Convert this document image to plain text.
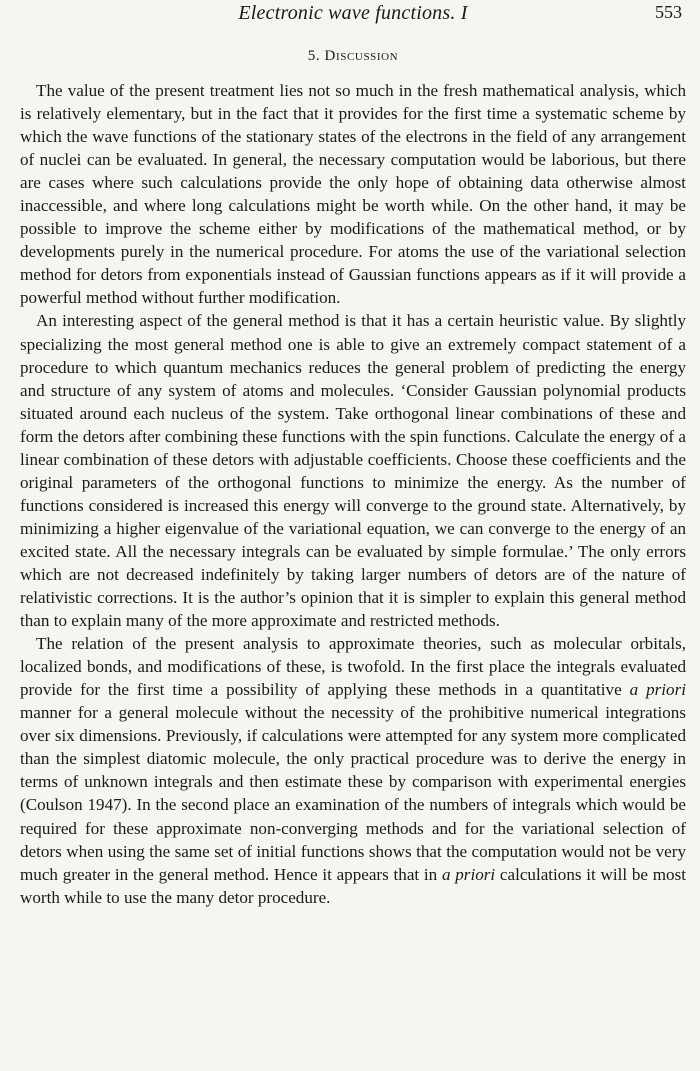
Electronic wave functions. I	553
5. Discussion

The value of the present treatment lies not so much in the fresh mathematical analysis, which is relatively elementary, but in the fact that it provides for the first time a systematic scheme by which the wave functions of the stationary states of the electrons in the field of any arrangement of nuclei can be evaluated. In general, the necessary computation would be laborious, but there are cases where such calculations provide the only hope of obtaining data otherwise almost inaccessible, and where long calculations might be worth while. On the other hand, it may be possible to improve the scheme either by modifications of the mathematical method, or by developments purely in the numerical procedure. For atoms the use of the variational selection method for detors from exponentials instead of Gaussian functions appears as if it will provide a powerful method without further modification.

An interesting aspect of the general method is that it has a certain heuristic value. By slightly specializing the most general method one is able to give an extremely compact statement of a procedure to which quantum mechanics reduces the general problem of predicting the energy and structure of any system of atoms and molecules. ‘Consider Gaussian polynomial products situated around each nucleus of the system. Take orthogonal linear combinations of these and form the detors after combining these functions with the spin functions. Calculate the energy of a linear combination of these detors with adjustable coefficients. Choose these coefficients and the original parameters of the orthogonal functions to minimize the energy. As the number of functions considered is increased this energy will converge to the ground state. Alternatively, by minimizing a higher eigenvalue of the variational equation, we can converge to the energy of an excited state. All the necessary integrals can be evaluated by simple formulae.’ The only errors which are not decreased indefinitely by taking larger numbers of detors are of the nature of relativistic corrections. It is the author’s opinion that it is simpler to explain this general method than to explain many of the more approximate and restricted methods.

The relation of the present analysis to approximate theories, such as molecular orbitals, localized bonds, and modifications of these, is twofold. In the first place the integrals evaluated provide for the first time a possibility of applying these methods in a quantitative a priori manner for a general molecule without the necessity of the prohibitive numerical integrations over six dimensions. Previously, if calculations were attempted for any system more complicated than the simplest diatomic molecule, the only practical procedure was to derive the energy in terms of unknown integrals and then estimate these by comparison with experimental energies (Coulson 1947). In the second place an examination of the numbers of integrals which would be required for these approximate non-converging methods and for the variational selection of detors when using the same set of initial functions shows that the computation would not be very much greater in the general method. Hence it appears that in a priori calculations it will be most worth while to use the many detor procedure.
